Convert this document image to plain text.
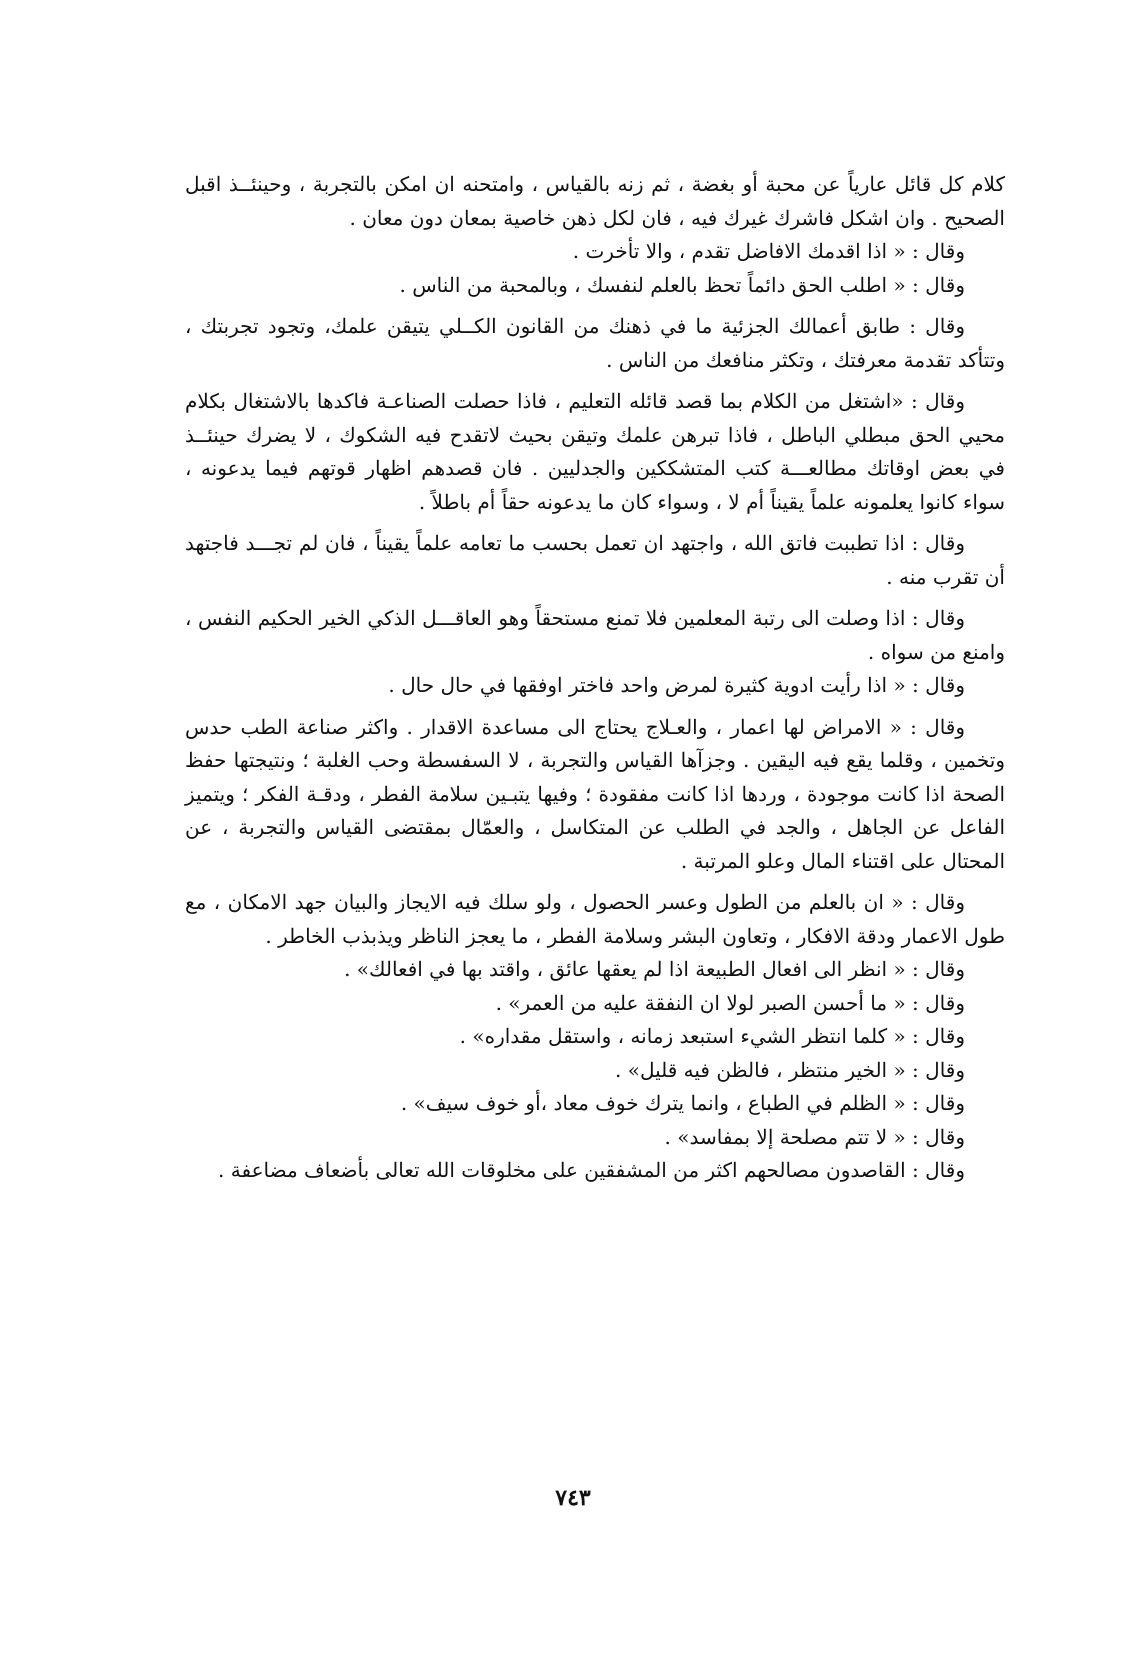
كلام كل قائل عارياً عن محبة أو بغضة ، ثم زنه بالقياس ، وامتحنه ان امكن بالتجربة ، وحينئــذ اقبل الصحيح . وان اشكل فاشرك غيرك فيه ، فان لكل ذهن خاصية بمعان دون معان .

وقال : « اذا اقدمك الافاضل تقدم ، والا تأخرت .

وقال : « اطلب الحق دائماً تحظ بالعلم لنفسك ، وبالمحبة من الناس .

وقال : طابق أعمالك الجزئية ما في ذهنك من القانون الكــلي يتيقن علمك، وتجود تجربتك ، وتتأكد تقدمة معرفتك ، وتكثر منافعك من الناس .

وقال : «اشتغل من الكلام بما قصد قائله التعليم ، فاذا حصلت الصناعـة فاكدها بالاشتغال بكلام محيي الحق مبطلي الباطل ، فاذا تبرهن علمك وتيقن بحيث لاتقدح فيه الشكوك ، لا يضرك حينئــذ في بعض اوقاتك مطالعـــة كتب المتشككين والجدليين . فان قصدهم اظهار قوتهم فيما يدعونه ، سواء كانوا يعلمونه علماً يقيناً أم لا ، وسواء كان ما يدعونه حقاً أم باطلاً .

وقال : اذا تطببت فاتق الله ، واجتهد ان تعمل بحسب ما تعامه علماً يقيناً ، فان لم تجـــد فاجتهد أن تقرب منه .

وقال : اذا وصلت الى رتبة المعلمين فلا تمنع مستحقاً وهو العاقـــل الذكي الخير الحكيم النفس ، وامنع من سواه .

وقال : « اذا رأيت ادوية كثيرة لمرض واحد فاختر اوفقها في حال حال .

وقال : « الامراض لها اعمار ، والعـلاج يحتاج الى مساعدة الاقدار . واكثر صناعة الطب حدس وتخمين ، وقلما يقع فيه اليقين . وجزآها القياس والتجربة ، لا السفسطة وحب الغلبة ؛ ونتيجتها حفظ الصحة اذا كانت موجودة ، وردها اذا كانت مفقودة ؛ وفيها يتبـين سلامة الفطر ، ودقـة الفكر ؛ ويتميز الفاعل عن الجاهل ، والجد في الطلب عن المتكاسل ، والعمّال بمقتضى القياس والتجربة ، عن المحتال على اقتناء المال وعلو المرتبة .

وقال : « ان بالعلم من الطول وعسر الحصول ، ولو سلك فيه الايجاز والبيان جهد الامكان ، مع طول الاعمار ودقة الافكار ، وتعاون البشر وسلامة الفطر ، ما يعجز الناظر ويذبذب الخاطر .

وقال : « انظر الى افعال الطبيعة اذا لم يعقها عائق ، واقتد بها في افعالك» .

وقال : « ما أحسن الصبر لولا ان النفقة عليه من العمر» .

وقال : « كلما انتظر الشيء استبعد زمانه ، واستقل مقداره» .

وقال : « الخير منتظر ، فالظن فيه قليل» .

وقال : « الظلم في الطباع ، وانما يترك خوف معاد ،أو خوف سيف» .

وقال : « لا تتم مصلحة إلا بمفاسد» .

وقال : القاصدون مصالحهم اكثر من المشفقين على مخلوقات الله تعالى بأضعاف مضاعفة .

٧٤٣
